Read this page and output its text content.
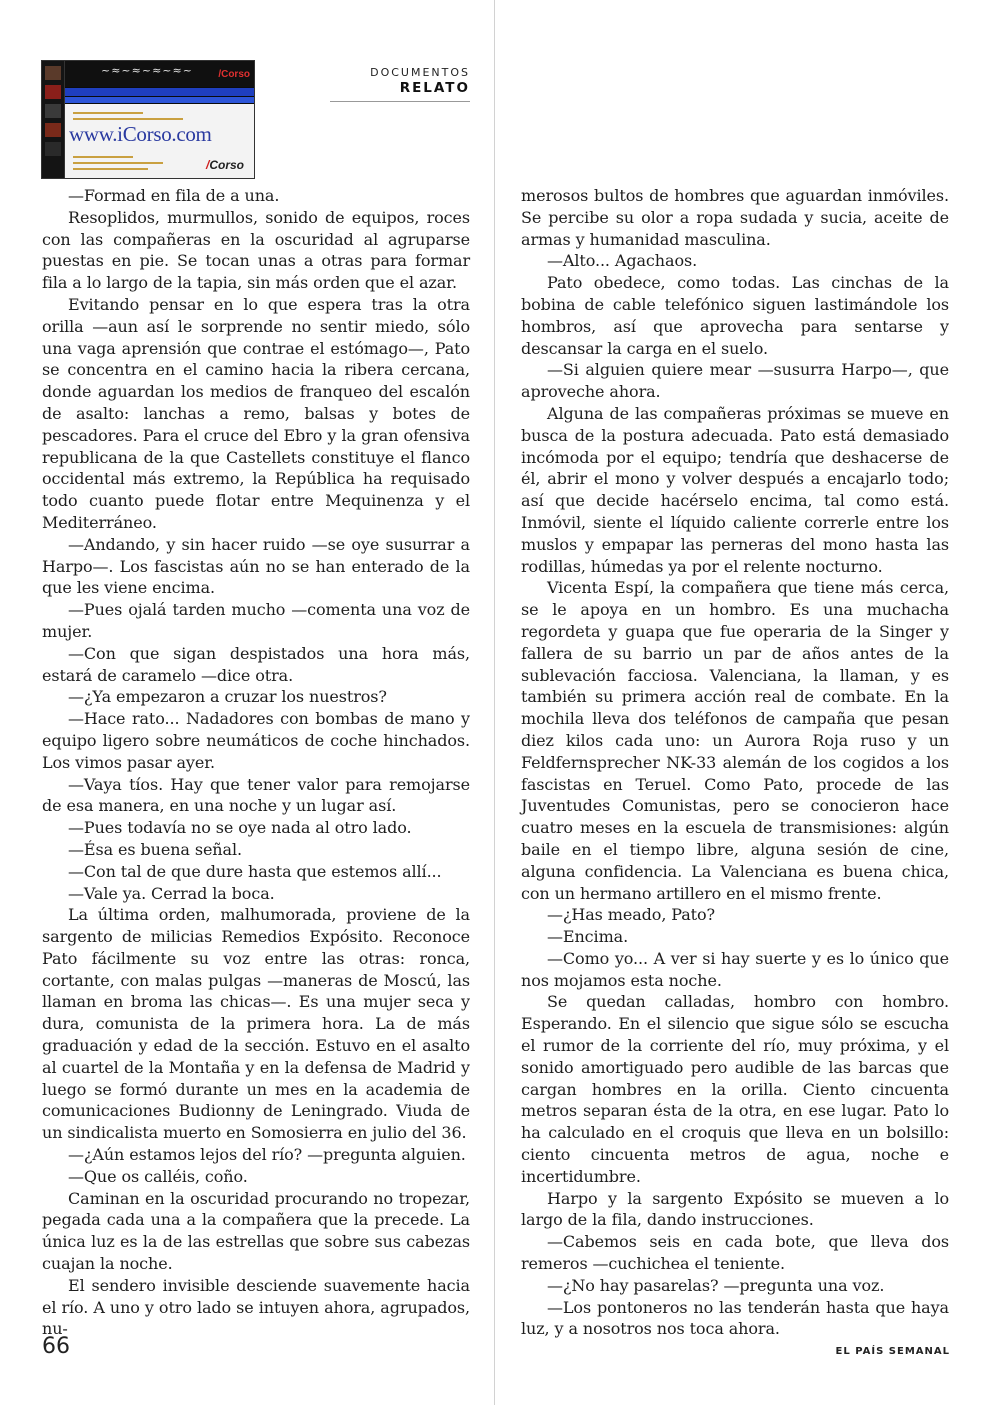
~≈~≈~≈~≈~	/Corso
www.iCorso.com
/Corso
DOCUMENTOS
RELATO

—Formad en fila de a una.

Resoplidos, murmullos, sonido de equipos, roces con las compañeras en la oscuridad al agruparse puestas en pie. Se tocan unas a otras para formar fila a lo largo de la tapia, sin más orden que el azar.

Evitando pensar en lo que espera tras la otra orilla —aun así le sorprende no sentir miedo, sólo una vaga aprensión que contrae el estómago—, Pato se concentra en el camino hacia la ribera cercana, donde aguardan los medios de franqueo del escalón de asalto: lanchas a remo, balsas y botes de pescadores. Para el cruce del Ebro y la gran ofensiva republicana de la que Castellets constituye el flanco occidental más extremo, la República ha requisado todo cuanto puede flotar entre Mequinenza y el Mediterráneo.

—Andando, y sin hacer ruido —se oye susurrar a Harpo—. Los fascistas aún no se han enterado de la que les viene encima.

—Pues ojalá tarden mucho —comenta una voz de mujer.

—Con que sigan despistados una hora más, estará de caramelo —dice otra.

—¿Ya empezaron a cruzar los nuestros?

—Hace rato... Nadadores con bombas de mano y equipo ligero sobre neumáticos de coche hinchados. Los vimos pasar ayer.

—Vaya tíos. Hay que tener valor para remojarse de esa manera, en una noche y un lugar así.

—Pues todavía no se oye nada al otro lado.

—Ésa es buena señal.

—Con tal de que dure hasta que estemos allí...

—Vale ya. Cerrad la boca.

La última orden, malhumorada, proviene de la sargento de milicias Remedios Expósito. Reconoce Pato fácilmente su voz entre las otras: ronca, cortante, con malas pulgas —maneras de Moscú, las llaman en broma las chicas—. Es una mujer seca y dura, comunista de la primera hora. La de más graduación y edad de la sección. Estuvo en el asalto al cuartel de la Montaña y en la defensa de Madrid y luego se formó durante un mes en la academia de comunicaciones Budionny de Leningrado. Viuda de un sindicalista muerto en Somosierra en julio del 36.

—¿Aún estamos lejos del río? —pregunta alguien.

—Que os calléis, coño.

Caminan en la oscuridad procurando no tropezar, pegada cada una a la compañera que la precede. La única luz es la de las estrellas que sobre sus cabezas cuajan la noche.

El sendero invisible desciende suavemente hacia el río. A uno y otro lado se intuyen ahora, agrupados, nu-

merosos bultos de hombres que aguardan inmóviles. Se percibe su olor a ropa sudada y sucia, aceite de armas y humanidad masculina.

—Alto... Agachaos.

Pato obedece, como todas. Las cinchas de la bobina de cable telefónico siguen lastimándole los hombros, así que aprovecha para sentarse y descansar la carga en el suelo.

—Si alguien quiere mear —susurra Harpo—, que aproveche ahora.

Alguna de las compañeras próximas se mueve en busca de la postura adecuada. Pato está demasiado incómoda por el equipo; tendría que deshacerse de él, abrir el mono y volver después a encajarlo todo; así que decide hacérselo encima, tal como está. Inmóvil, siente el líquido caliente correrle entre los muslos y empapar las perneras del mono hasta las rodillas, húmedas ya por el relente nocturno.

Vicenta Espí, la compañera que tiene más cerca, se le apoya en un hombro. Es una muchacha regordeta y guapa que fue operaria de la Singer y fallera de su barrio un par de años antes de la sublevación facciosa. Valenciana, la llaman, y es también su primera acción real de combate. En la mochila lleva dos teléfonos de campaña que pesan diez kilos cada uno: un Aurora Roja ruso y un Feldfernsprecher NK-33 alemán de los cogidos a los fascistas en Teruel. Como Pato, procede de las Juventudes Comunistas, pero se conocieron hace cuatro meses en la escuela de transmisiones: algún baile en el tiempo libre, alguna sesión de cine, alguna confidencia. La Valenciana es buena chica, con un hermano artillero en el mismo frente.

—¿Has meado, Pato?

—Encima.

—Como yo... A ver si hay suerte y es lo único que nos mojamos esta noche.

Se quedan calladas, hombro con hombro. Esperando. En el silencio que sigue sólo se escucha el rumor de la corriente del río, muy próxima, y el sonido amortiguado pero audible de las barcas que cargan hombres en la orilla. Ciento cincuenta metros separan ésta de la otra, en ese lugar. Pato lo ha calculado en el croquis que lleva en un bolsillo: ciento cincuenta metros de agua, noche e incertidumbre.

Harpo y la sargento Expósito se mueven a lo largo de la fila, dando instrucciones.

—Cabemos seis en cada bote, que lleva dos remeros —cuchichea el teniente.

—¿No hay pasarelas? —pregunta una voz.

—Los pontoneros no las tenderán hasta que haya luz, y a nosotros nos toca ahora.

66	EL PAÍS SEMANAL
